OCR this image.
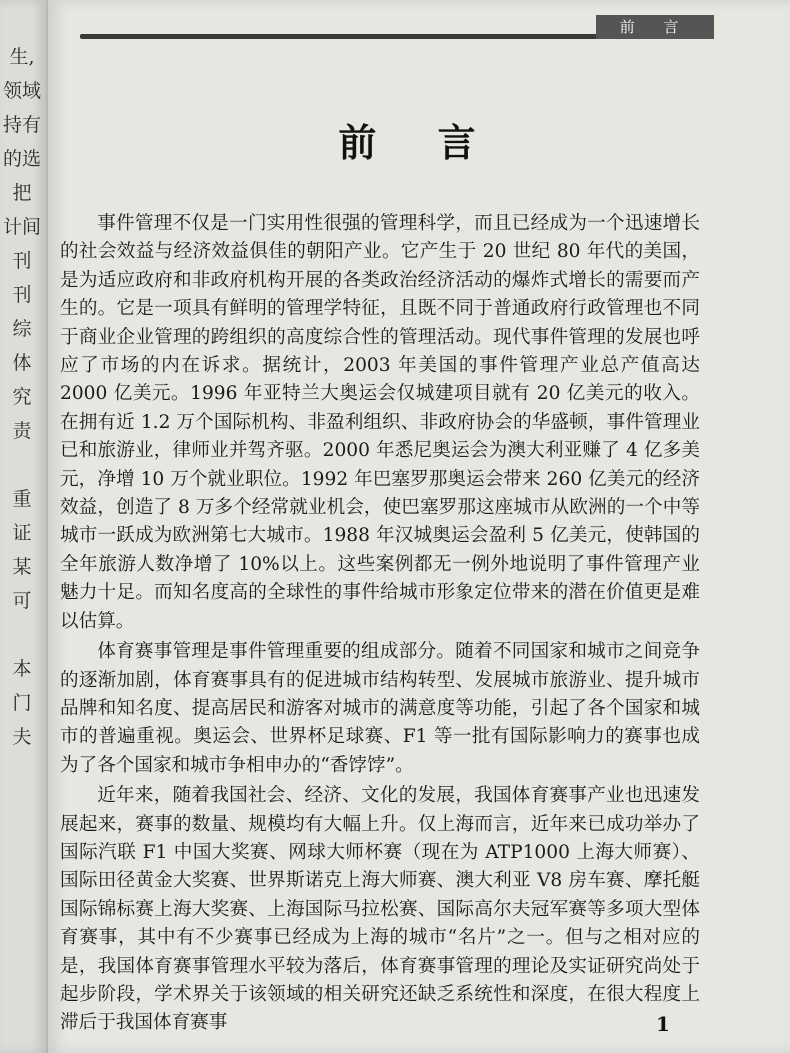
生,
领域
持有
的选
把
计间
刊
刊
综
体
究
责

重
证
某
可

本
门
夫
前 言
前 言

事件管理不仅是一门实用性很强的管理科学，而且已经成为一个迅速增长的社会效益与经济效益俱佳的朝阳产业。它产生于 20 世纪 80 年代的美国，是为适应政府和非政府机构开展的各类政治经济活动的爆炸式增长的需要而产生的。它是一项具有鲜明的管理学特征，且既不同于普通政府行政管理也不同于商业企业管理的跨组织的高度综合性的管理活动。现代事件管理的发展也呼应了市场的内在诉求。据统计，2003 年美国的事件管理产业总产值高达 2000 亿美元。1996 年亚特兰大奥运会仅城建项目就有 20 亿美元的收入。在拥有近 1.2 万个国际机构、非盈利组织、非政府协会的华盛顿，事件管理业已和旅游业，律师业并驾齐驱。2000 年悉尼奥运会为澳大利亚赚了 4 亿多美元，净增 10 万个就业职位。1992 年巴塞罗那奥运会带来 260 亿美元的经济效益，创造了 8 万多个经常就业机会，使巴塞罗那这座城市从欧洲的一个中等城市一跃成为欧洲第七大城市。1988 年汉城奥运会盈利 5 亿美元，使韩国的全年旅游人数净增了 10%以上。这些案例都无一例外地说明了事件管理产业魅力十足。而知名度高的全球性的事件给城市形象定位带来的潜在价值更是难以估算。

体育赛事管理是事件管理重要的组成部分。随着不同国家和城市之间竞争的逐渐加剧，体育赛事具有的促进城市结构转型、发展城市旅游业、提升城市品牌和知名度、提高居民和游客对城市的满意度等功能，引起了各个国家和城市的普遍重视。奥运会、世界杯足球赛、F1 等一批有国际影响力的赛事也成为了各个国家和城市争相申办的“香饽饽”。

近年来，随着我国社会、经济、文化的发展，我国体育赛事产业也迅速发展起来，赛事的数量、规模均有大幅上升。仅上海而言，近年来已成功举办了国际汽联 F1 中国大奖赛、网球大师杯赛（现在为 ATP1000 上海大师赛）、国际田径黄金大奖赛、世界斯诺克上海大师赛、澳大利亚 V8 房车赛、摩托艇国际锦标赛上海大奖赛、上海国际马拉松赛、国际高尔夫冠军赛等多项大型体育赛事，其中有不少赛事已经成为上海的城市“名片”之一。但与之相对应的是，我国体育赛事管理水平较为落后，体育赛事管理的理论及实证研究尚处于起步阶段，学术界关于该领域的相关研究还缺乏系统性和深度，在很大程度上滞后于我国体育赛事	1
